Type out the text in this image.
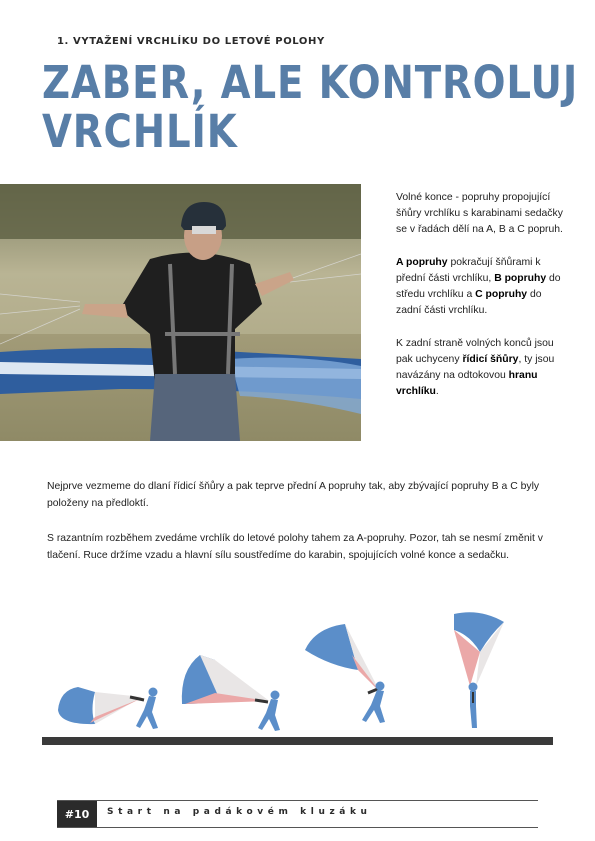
1. VYTAŽENÍ VRCHLÍKU DO LETOVÉ POLOHY
ZABER, ALE KONTROLUJ
VRCHLÍK

Volné konce - popruhy propojující šňůry vrchlíku s karabinami sedačky se v řadách dělí na A, B a C popruh.

A popruhy pokračují šňůrami k přední části vrchlíku, B popruhy do středu vrchlíku a C popruhy do zadní části vrchlíku.

K zadní straně volných konců jsou pak uchyceny řídicí šňůry, ty jsou navázány na odtokovou hranu vrchlíku.

Nejprve vezmeme do dlaní řídicí šňůry a pak teprve přední A popruhy tak, aby zbývající popruhy B a C byly položeny na předloktí.

S razantním rozběhem zvedáme vrchlík do letové polohy tahem za A-popruhy. Pozor, tah se nesmí změnit v tlačení. Ruce držíme vzadu a hlavní sílu soustředíme do karabin, spojujících volné konce a sedačku.

#10	Start na padákovém kluzáku
